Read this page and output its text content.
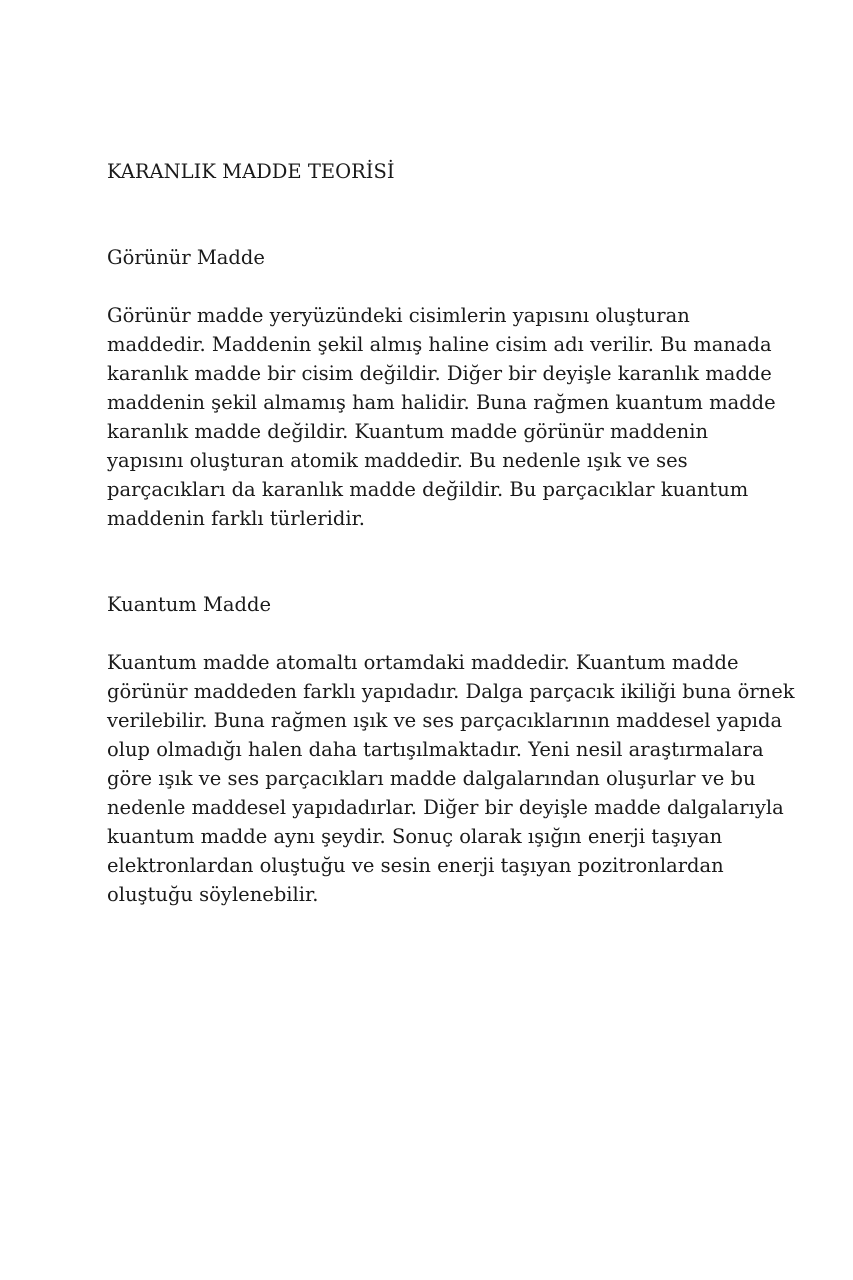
KARANLIK MADDE TEORİSİ
Görünür Madde

Görünür madde yeryüzündeki cisimlerin yapısını oluşturan
maddedir. Maddenin şekil almış haline cisim adı verilir. Bu manada
karanlık madde bir cisim değildir. Diğer bir deyişle karanlık madde
maddenin şekil almamış ham halidir. Buna rağmen kuantum madde
karanlık madde değildir. Kuantum madde görünür maddenin
yapısını oluşturan atomik maddedir. Bu nedenle ışık ve ses
parçacıkları da karanlık madde değildir. Bu parçacıklar kuantum
maddenin farklı türleridir.

Kuantum Madde

Kuantum madde atomaltı ortamdaki maddedir. Kuantum madde
görünür maddeden farklı yapıdadır. Dalga parçacık ikiliği buna örnek
verilebilir. Buna rağmen ışık ve ses parçacıklarının maddesel yapıda
olup olmadığı halen daha tartışılmaktadır. Yeni nesil araştırmalara
göre ışık ve ses parçacıkları madde dalgalarından oluşurlar ve bu
nedenle maddesel yapıdadırlar. Diğer bir deyişle madde dalgalarıyla
kuantum madde aynı şeydir. Sonuç olarak ışığın enerji taşıyan
elektronlardan oluştuğu ve sesin enerji taşıyan pozitronlardan
oluştuğu söylenebilir.
